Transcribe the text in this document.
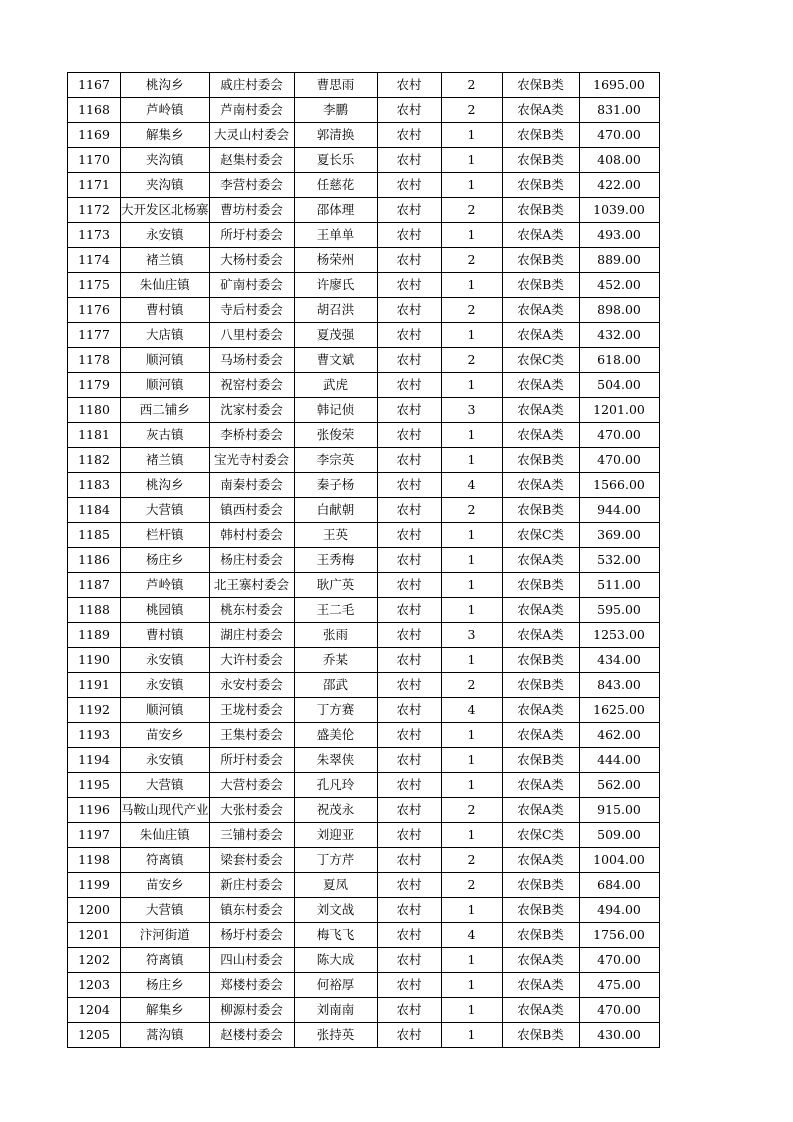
1167	桃沟乡	戚庄村委会	曹思雨	农村	2	农保B类	1695.00
1168	芦岭镇	芦南村委会	李鹏	农村	2	农保A类	831.00
1169	解集乡	大灵山村委会	郭清换	农村	1	农保B类	470.00
1170	夹沟镇	赵集村委会	夏长乐	农村	1	农保B类	408.00
1171	夹沟镇	李营村委会	任慈花	农村	1	农保B类	422.00
1172	大开发区北杨寨	曹坊村委会	邵体理	农村	2	农保B类	1039.00
1173	永安镇	所圩村委会	王单单	农村	1	农保A类	493.00
1174	褚兰镇	大杨村委会	杨荣州	农村	2	农保B类	889.00
1175	朱仙庄镇	矿南村委会	许廖氏	农村	1	农保B类	452.00
1176	曹村镇	寺后村委会	胡召洪	农村	2	农保A类	898.00
1177	大店镇	八里村委会	夏茂强	农村	1	农保A类	432.00
1178	顺河镇	马场村委会	曹文斌	农村	2	农保C类	618.00
1179	顺河镇	祝窑村委会	武虎	农村	1	农保A类	504.00
1180	西二铺乡	沈家村委会	韩记侦	农村	3	农保A类	1201.00
1181	灰古镇	李桥村委会	张俊荣	农村	1	农保A类	470.00
1182	褚兰镇	宝光寺村委会	李宗英	农村	1	农保B类	470.00
1183	桃沟乡	南秦村委会	秦子杨	农村	4	农保A类	1566.00
1184	大营镇	镇西村委会	白献朝	农村	2	农保B类	944.00
1185	栏杆镇	韩村村委会	王英	农村	1	农保C类	369.00
1186	杨庄乡	杨庄村委会	王秀梅	农村	1	农保A类	532.00
1187	芦岭镇	北王寨村委会	耿广英	农村	1	农保B类	511.00
1188	桃园镇	桃东村委会	王二毛	农村	1	农保A类	595.00
1189	曹村镇	湖庄村委会	张雨	农村	3	农保A类	1253.00
1190	永安镇	大许村委会	乔某	农村	1	农保B类	434.00
1191	永安镇	永安村委会	邵武	农村	2	农保B类	843.00
1192	顺河镇	王垅村委会	丁方赛	农村	4	农保A类	1625.00
1193	苗安乡	王集村委会	盛美伦	农村	1	农保A类	462.00
1194	永安镇	所圩村委会	朱翠侠	农村	1	农保B类	444.00
1195	大营镇	大营村委会	孔凡玲	农村	1	农保A类	562.00
1196	马鞍山现代产业	大张村委会	祝茂永	农村	2	农保A类	915.00
1197	朱仙庄镇	三铺村委会	刘迎亚	农村	1	农保C类	509.00
1198	符离镇	梁套村委会	丁方芹	农村	2	农保A类	1004.00
1199	苗安乡	新庄村委会	夏凤	农村	2	农保B类	684.00
1200	大营镇	镇东村委会	刘文战	农村	1	农保B类	494.00
1201	汴河街道	杨圩村委会	梅飞飞	农村	4	农保B类	1756.00
1202	符离镇	四山村委会	陈大成	农村	1	农保A类	470.00
1203	杨庄乡	郑楼村委会	何裕厚	农村	1	农保A类	475.00
1204	解集乡	柳源村委会	刘南南	农村	1	农保A类	470.00
1205	蒿沟镇	赵楼村委会	张持英	农村	1	农保B类	430.00
